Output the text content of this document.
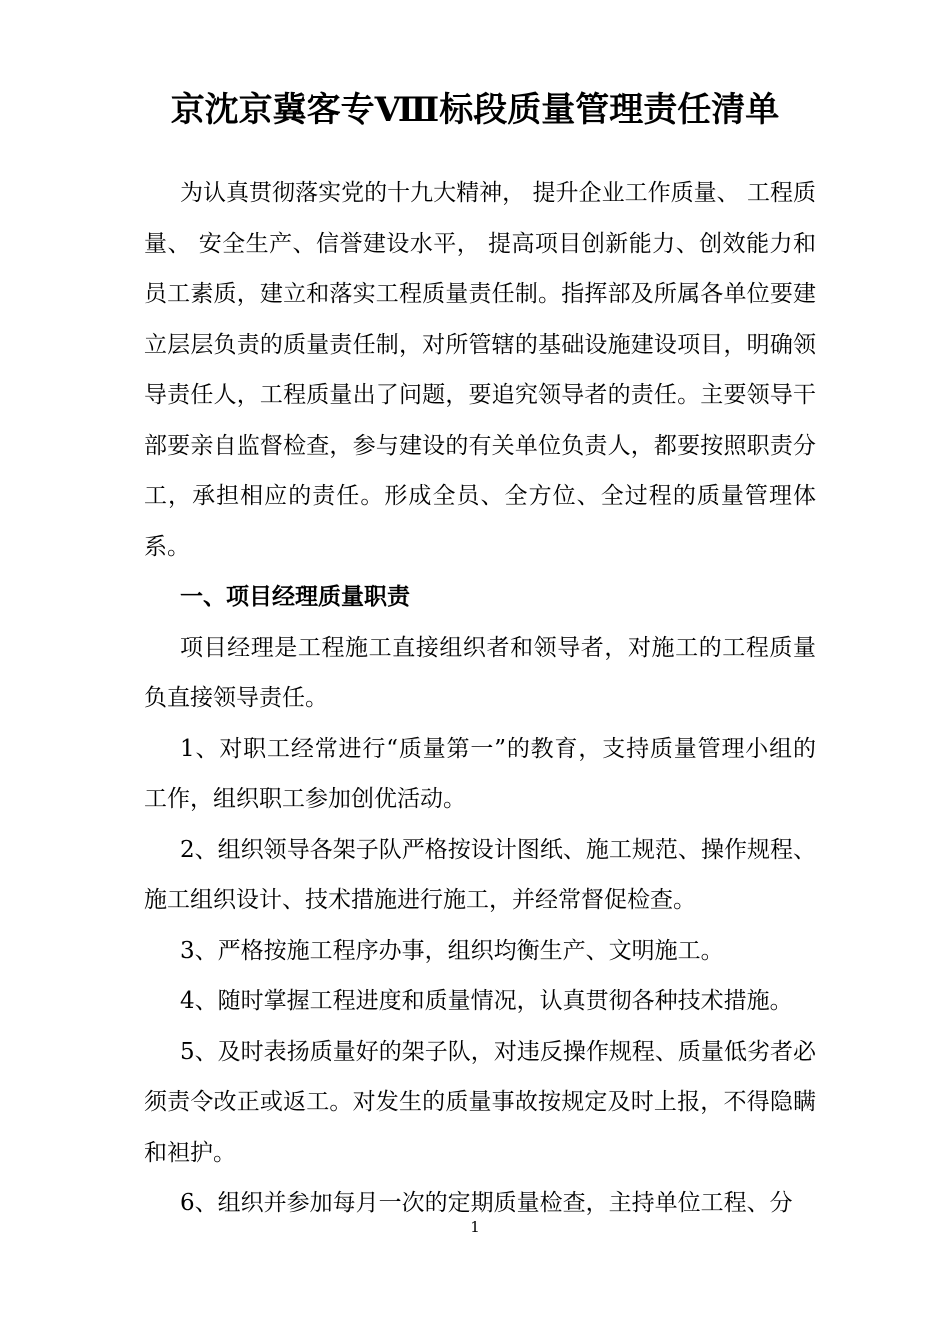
京沈京冀客专Ⅷ标段质量管理责任清单

为认真贯彻落实党的十九大精神， 提升企业工作质量、 工程质量、 安全生产、信誉建设水平， 提高项目创新能力、创效能力和员工素质，建立和落实工程质量责任制。指挥部及所属各单位要建立层层负责的质量责任制，对所管辖的基础设施建设项目，明确领导责任人，工程质量出了问题，要追究领导者的责任。主要领导干部要亲自监督检查，参与建设的有关单位负责人，都要按照职责分工，承担相应的责任。形成全员、全方位、全过程的质量管理体系。

一、项目经理质量职责

项目经理是工程施工直接组织者和领导者，对施工的工程质量负直接领导责任。

1、对职工经常进行“质量第一”的教育，支持质量管理小组的工作，组织职工参加创优活动。

2、组织领导各架子队严格按设计图纸、施工规范、操作规程、施工组织设计、技术措施进行施工，并经常督促检查。

3、严格按施工程序办事，组织均衡生产、文明施工。

4、随时掌握工程进度和质量情况，认真贯彻各种技术措施。

5、及时表扬质量好的架子队，对违反操作规程、质量低劣者必须责令改正或返工。对发生的质量事故按规定及时上报，不得隐瞒和袒护。

6、组织并参加每月一次的定期质量检查，主持单位工程、分

1
